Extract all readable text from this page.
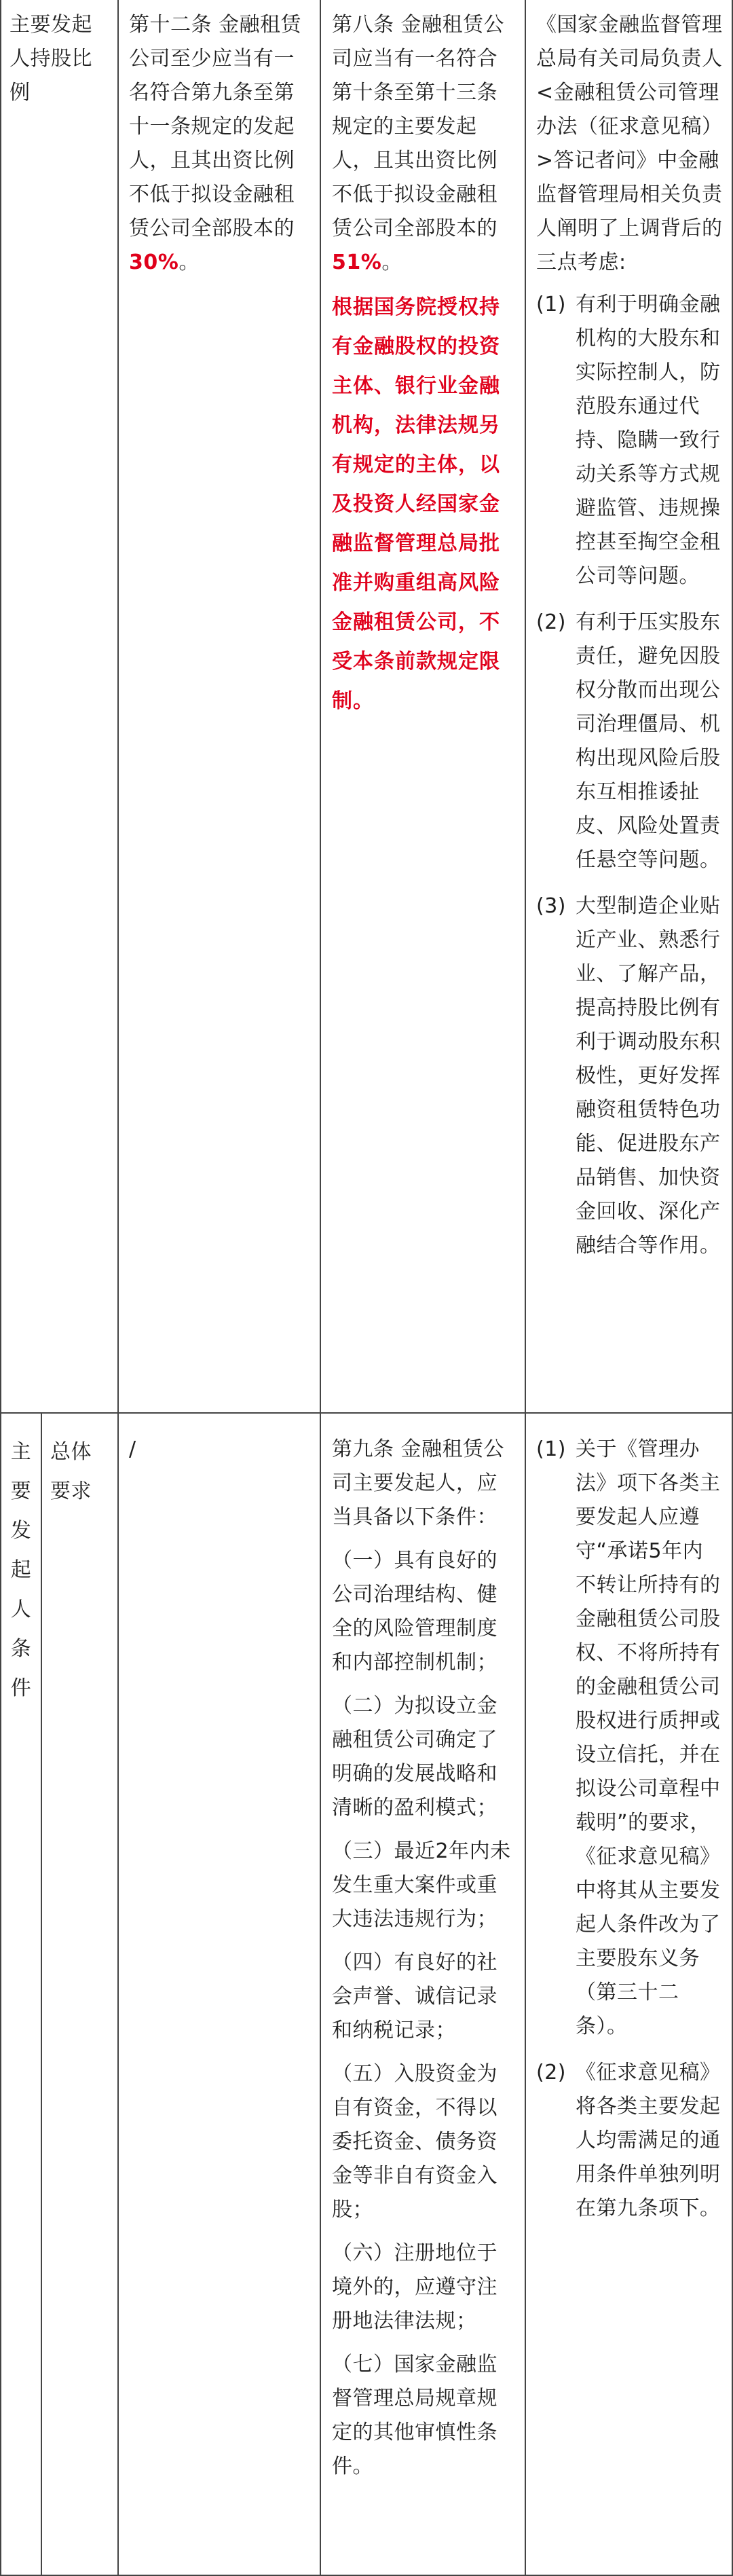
主要发起人持股比例
第十二条 金融租赁公司至少应当有一名符合第九条至第十一条规定的发起人，且其出资比例不低于拟设金融租赁公司全部股本的30%。

第八条 金融租赁公司应当有一名符合第十条至第十三条规定的主要发起人，且其出资比例不低于拟设金融租赁公司全部股本的51%。

根据国务院授权持有金融股权的投资主体、银行业金融机构，法律法规另有规定的主体，以及投资人经国家金融监督管理总局批准并购重组高风险金融租赁公司，不受本条前款规定限制。

《国家金融监督管理总局有关司局负责人<金融租赁公司管理办法（征求意见稿）>答记者问》中金融监督管理局相关负责人阐明了上调背后的三点考虑:

(1) 有利于明确金融机构的大股东和实际控制人，防范股东通过代持、隐瞒一致行动关系等方式规避监管、违规操控甚至掏空金租公司等问题。
(2) 有利于压实股东责任，避免因股权分散而出现公司治理僵局、机构出现风险后股东互相推诿扯皮、风险处置责任悬空等问题。
(3) 大型制造企业贴近产业、熟悉行业、了解产品，提高持股比例有利于调动股东积极性，更好发挥融资租赁特色功能、促进股东产品销售、加快资金回收、深化产融结合等作用。
主要发起人条件
总体要求
/	第九条 金融租赁公司主要发起人，应当具备以下条件：

（一）具有良好的公司治理结构、健全的风险管理制度和内部控制机制；

（二）为拟设立金融租赁公司确定了明确的发展战略和清晰的盈利模式；

（三）最近2年内未发生重大案件或重大违法违规行为；

（四）有良好的社会声誉、诚信记录和纳税记录；

（五）入股资金为自有资金，不得以委托资金、债务资金等非自有资金入股；

（六）注册地位于境外的，应遵守注册地法律法规；

（七）国家金融监督管理总局规章规定的其他审慎性条件。

(1) 关于《管理办法》项下各类主要发起人应遵守“承诺5年内不转让所持有的金融租赁公司股权、不将所持有的金融租赁公司股权进行质押或设立信托，并在拟设公司章程中载明”的要求，《征求意见稿》中将其从主要发起人条件改为了主要股东义务（第三十二条）。
(2) 《征求意见稿》将各类主要发起人均需满足的通用条件单独列明在第九条项下。
